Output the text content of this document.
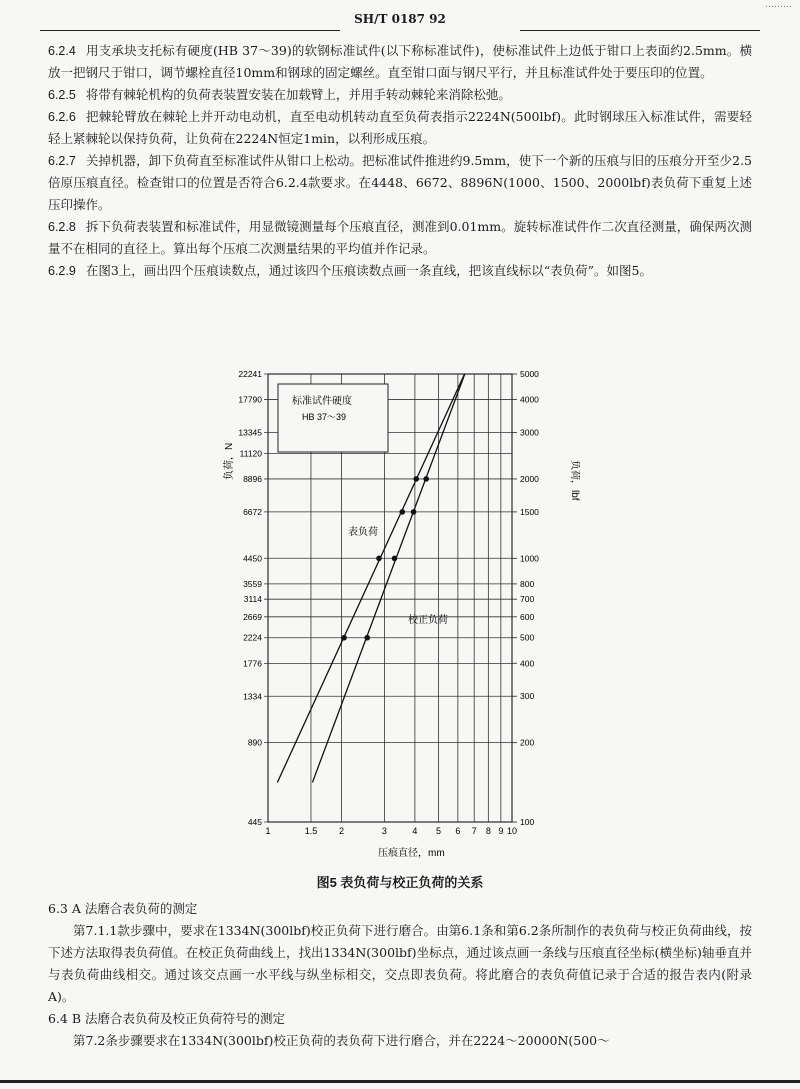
………
SH/T 0187 92

6.2.4 用支承块支托标有硬度(HB 37～39)的软钢标准试件(以下称标准试件)，使标准试件上边低于钳口上表面约2.5mm。横放一把钢尺于钳口，调节螺栓直径10mm和钢球的固定螺丝。直至钳口面与钢尺平行，并且标准试件处于要压印的位置。

6.2.5 将带有棘轮机构的负荷表装置安装在加载臂上，并用手转动棘轮来消除松弛。

6.2.6 把棘轮臂放在棘轮上并开动电动机，直至电动机转动直至负荷表指示2224N(500lbf)。此时钢球压入标准试件，需要轻轻上紧棘轮以保持负荷，让负荷在2224N恒定1min，以利形成压痕。

6.2.7 关掉机器，卸下负荷直至标准试件从钳口上松动。把标准试件推进约9.5mm，使下一个新的压痕与旧的压痕分开至少2.5倍原压痕直径。检查钳口的位置是否符合6.2.4款要求。在4448、6672、8896N(1000、1500、2000lbf)表负荷下重复上述压印操作。

6.2.8 拆下负荷表装置和标准试件，用显微镜测量每个压痕直径，测准到0.01mm。旋转标准试件作二次直径测量，确保两次测量不在相同的直径上。算出每个压痕二次测量结果的平均值并作记录。

6.2.9 在图3上，画出四个压痕读数点，通过该四个压痕读数点画一条直线，把该直线标以“表负荷”。如图5。

1	1.5 2	3	4 5 6 7 8 9 10
445
890
1334
1776
2224
2669
3114
3559
4450
6672
8896
11120
13345
17790
22241
100
200
300
400
500
600
700
800
1000
1500
2000
3000
4000
5000
标准试件硬度
HB 37～39
表负荷
校正负荷
负荷，N	负荷，lbf
压痕直径，mm
图5 表负荷与校正负荷的关系

6.3 A 法磨合表负荷的测定

第7.1.1款步骤中，要求在1334N(300lbf)校正负荷下进行磨合。由第6.1条和第6.2条所制作的表负荷与校正负荷曲线，按下述方法取得表负荷值。在校正负荷曲线上，找出1334N(300lbf)坐标点，通过该点画一条线与压痕直径坐标(横坐标)轴垂直并与表负荷曲线相交。通过该交点画一水平线与纵坐标相交，交点即表负荷。将此磨合的表负荷值记录于合适的报告表内(附录A)。

6.4 B 法磨合表负荷及校正负荷符号的测定

第7.2条步骤要求在1334N(300lbf)校正负荷的表负荷下进行磨合，并在2224～20000N(500～
